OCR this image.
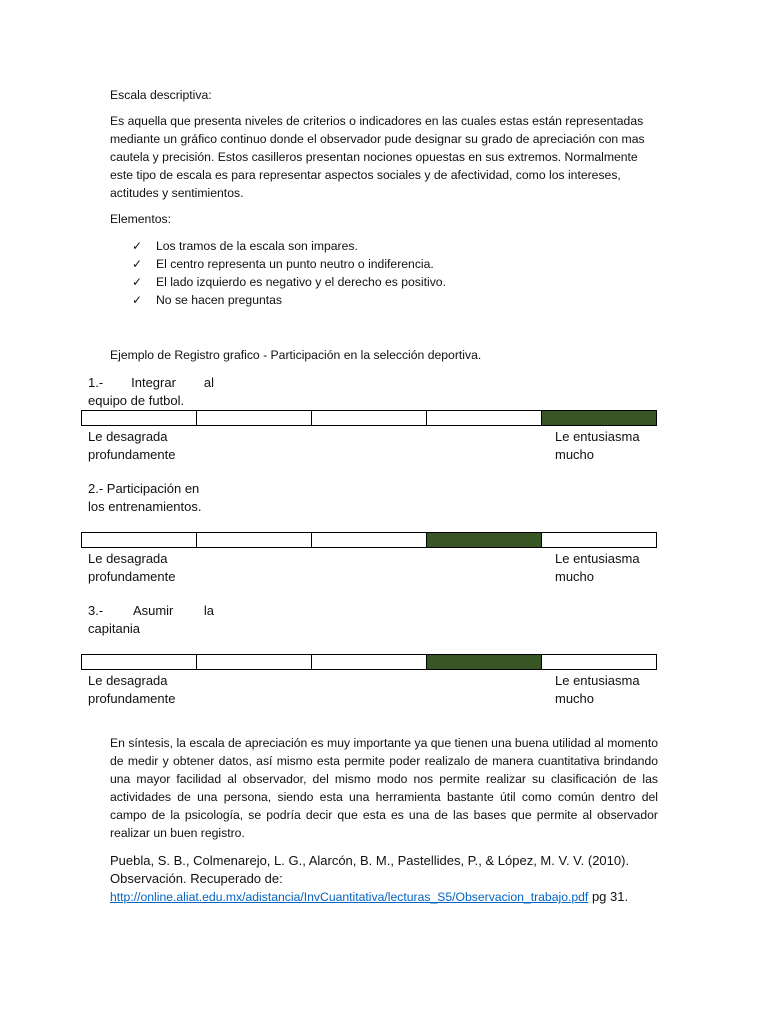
Escala descriptiva:

Es aquella que presenta niveles de criterios o indicadores en las cuales estas están representadas mediante un gráfico continuo donde el observador pude designar su grado de apreciación con mas cautela y precisión. Estos casilleros presentan nociones opuestas en sus extremos. Normalmente este tipo de escala es para representar aspectos sociales y de afectividad, como los intereses, actitudes y sentimientos.

Elementos:

✓ Los tramos de la escala son impares.
✓ El centro representa un punto neutro o indiferencia.
✓ El lado izquierdo es negativo y el derecho es positivo.
✓ No se hacen preguntas

Ejemplo de Registro grafico - Participación en la selección deportiva.

1.- Integrar al

equipo de futbol.

Le desagrada profundamente
Le entusiasma mucho

2.- Participación en los entrenamientos.

Le desagrada profundamente
Le entusiasma mucho

3.- Asumir la

capitania

Le desagrada profundamente
Le entusiasma mucho

En síntesis, la escala de apreciación es muy importante ya que tienen una buena utilidad al momento de medir y obtener datos, así mismo esta permite poder realizalo de manera cuantitativa brindando una mayor facilidad al observador, del mismo modo nos permite realizar su clasificación de las actividades de una persona, siendo esta una herramienta bastante útil como común dentro del campo de la psicología, se podría decir que esta es una de las bases que permite al observador realizar un buen registro.

Puebla, S. B., Colmenarejo, L. G., Alarcón, B. M., Pastellides, P., & López, M. V. V. (2010). Observación. Recuperado de: http://online.aliat.edu.mx/adistancia/InvCuantitativa/lecturas_S5/Observacion_trabajo.pdf pg 31.
